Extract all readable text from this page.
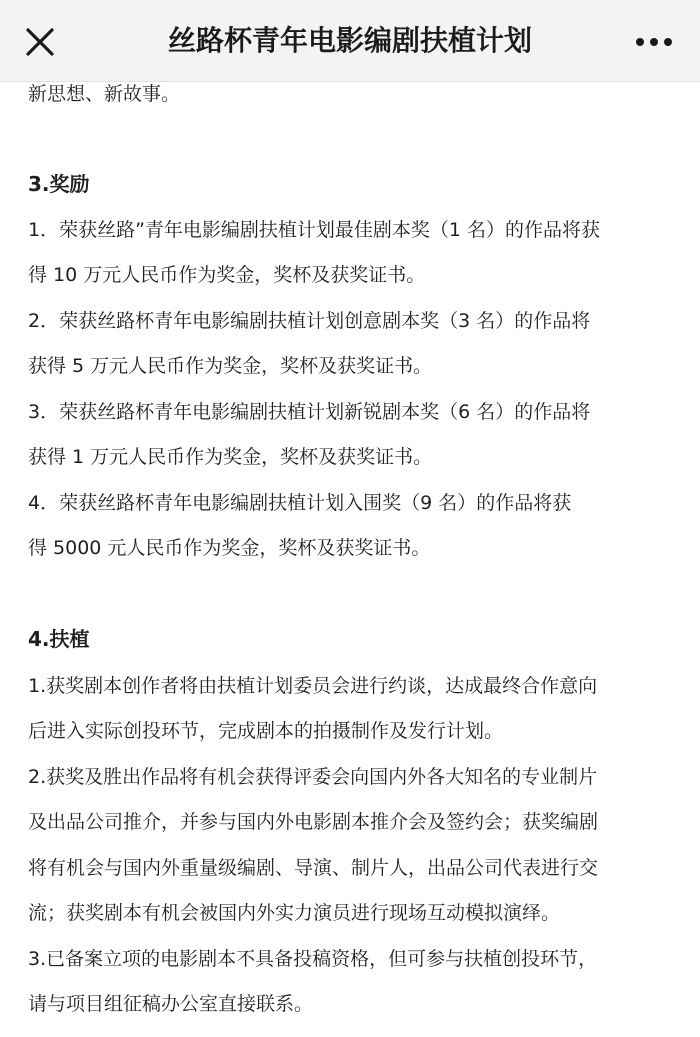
丝路杯青年电影编剧扶植计划
新思想、新故事。
3.奖励
1．荣获丝路”青年电影编剧扶植计划最佳剧本奖（1 名）的作品将获
得 10 万元人民币作为奖金，奖杯及获奖证书。
2．荣获丝路杯青年电影编剧扶植计划创意剧本奖（3 名）的作品将
获得 5 万元人民币作为奖金，奖杯及获奖证书。
3．荣获丝路杯青年电影编剧扶植计划新锐剧本奖（6 名）的作品将
获得 1 万元人民币作为奖金，奖杯及获奖证书。
4．荣获丝路杯青年电影编剧扶植计划入围奖（9 名）的作品将获
得 5000 元人民币作为奖金，奖杯及获奖证书。
4.扶植
1.获奖剧本创作者将由扶植计划委员会进行约谈，达成最终合作意向
后进入实际创投环节，完成剧本的拍摄制作及发行计划。
2.获奖及胜出作品将有机会获得评委会向国内外各大知名的专业制片
及出品公司推介，并参与国内外电影剧本推介会及签约会；获奖编剧
将有机会与国内外重量级编剧、导演、制片人，出品公司代表进行交
流；获奖剧本有机会被国内外实力演员进行现场互动模拟演绎。
3.已备案立项的电影剧本不具备投稿资格，但可参与扶植创投环节，
请与项目组征稿办公室直接联系。
